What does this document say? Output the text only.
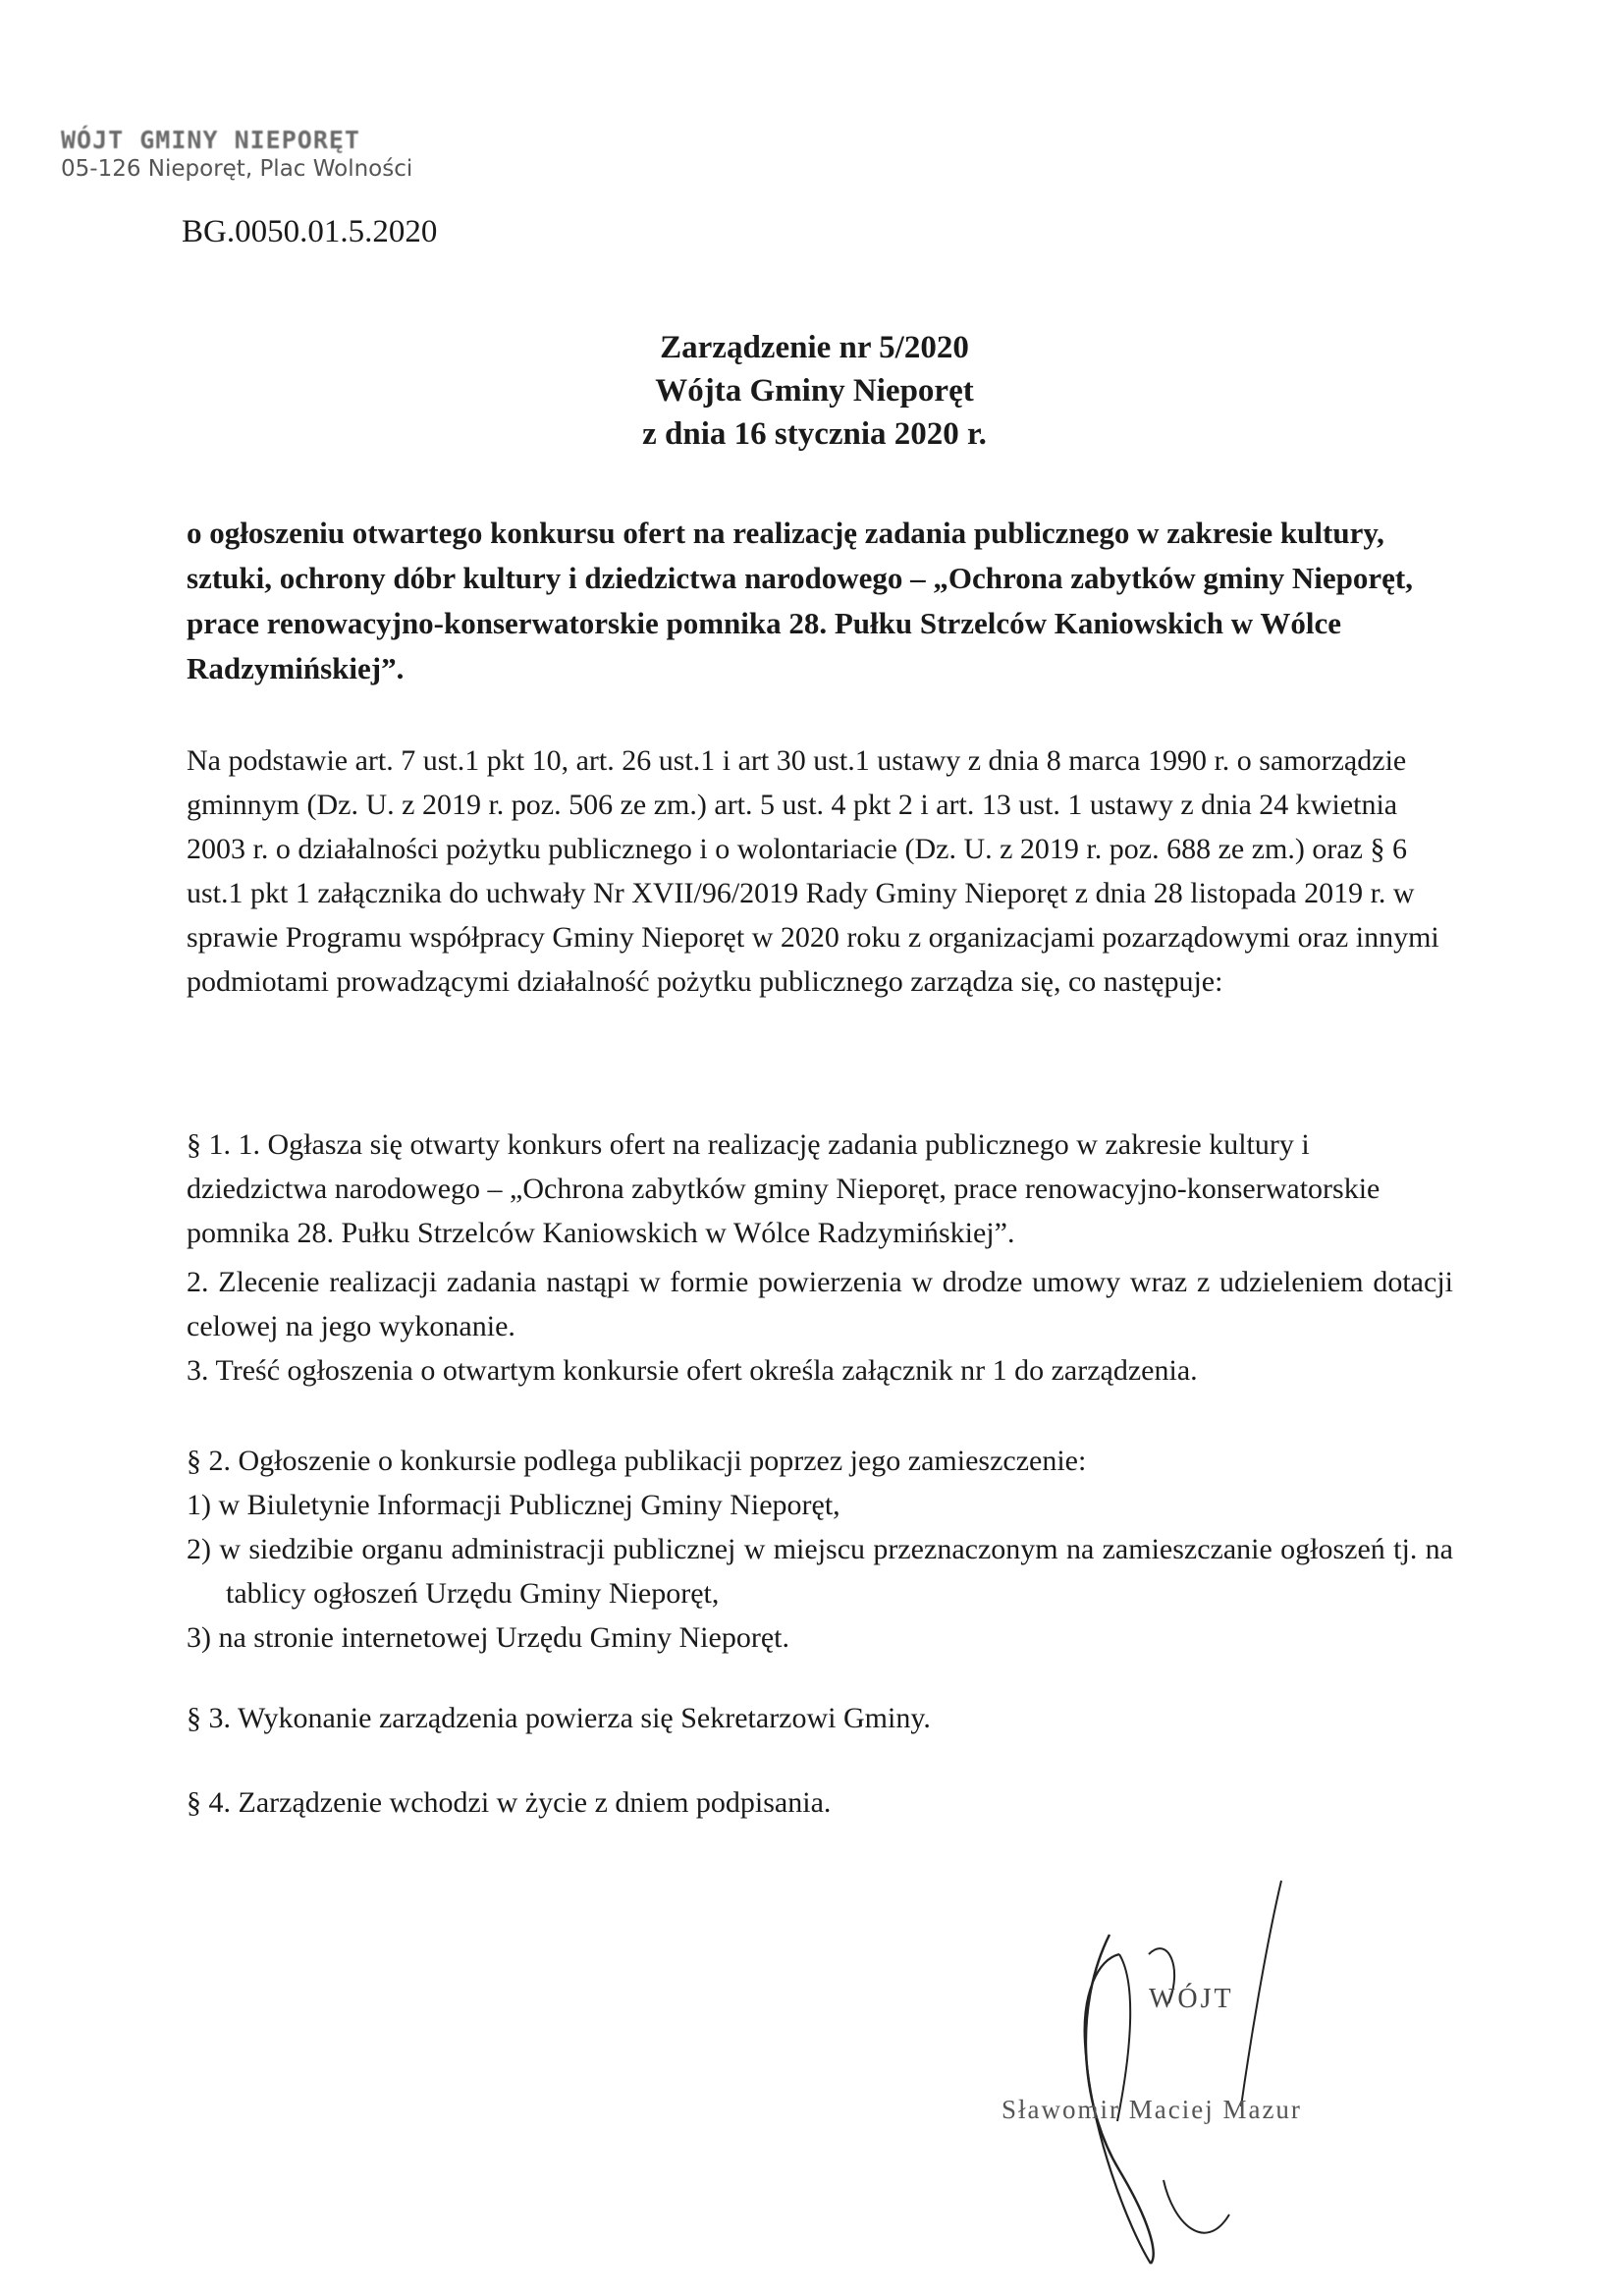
WÓJT GMINY NIEPORĘT
05-126 Nieporęt, Plac Wolności
BG.0050.01.5.2020
Zarządzenie nr 5/2020
Wójta Gminy Nieporęt
z dnia 16 stycznia 2020 r.
o ogłoszeniu otwartego konkursu ofert na realizację zadania publicznego w zakresie kultury, sztuki, ochrony dóbr kultury i dziedzictwa narodowego – „Ochrona zabytków gminy Nieporęt, prace renowacyjno-konserwatorskie pomnika 28. Pułku Strzelców Kaniowskich w Wólce Radzymińskiej”.
Na podstawie art. 7 ust.1 pkt 10, art. 26 ust.1 i art 30 ust.1 ustawy z dnia 8 marca 1990 r. o samorządzie gminnym (Dz. U. z 2019 r. poz. 506 ze zm.) art. 5 ust. 4 pkt 2 i art. 13 ust. 1 ustawy z dnia 24 kwietnia 2003 r. o działalności pożytku publicznego i o wolontariacie (Dz. U. z 2019 r. poz. 688 ze zm.) oraz § 6 ust.1 pkt 1 załącznika do uchwały Nr XVII/96/2019 Rady Gminy Nieporęt z dnia 28 listopada 2019 r. w sprawie Programu współpracy Gminy Nieporęt w 2020 roku z organizacjami pozarządowymi oraz innymi podmiotami prowadzącymi działalność pożytku publicznego zarządza się, co następuje:
§ 1. 1. Ogłasza się otwarty konkurs ofert na realizację zadania publicznego w zakresie kultury i dziedzictwa narodowego – „Ochrona zabytków gminy Nieporęt, prace renowacyjno-konserwatorskie pomnika 28. Pułku Strzelców Kaniowskich w Wólce Radzymińskiej”.
2. Zlecenie realizacji zadania nastąpi w formie powierzenia w drodze umowy wraz z udzieleniem dotacji celowej na jego wykonanie.
3. Treść ogłoszenia o otwartym konkursie ofert określa załącznik nr 1 do zarządzenia.
§ 2. Ogłoszenie o konkursie podlega publikacji poprzez jego zamieszczenie:
1) w Biuletynie Informacji Publicznej Gminy Nieporęt,
2) w siedzibie organu administracji publicznej w miejscu przeznaczonym na zamieszczanie ogłoszeń tj. na tablicy ogłoszeń Urzędu Gminy Nieporęt,
3) na stronie internetowej Urzędu Gminy Nieporęt.
§ 3. Wykonanie zarządzenia powierza się Sekretarzowi Gminy.
§ 4. Zarządzenie wchodzi w życie z dniem podpisania.
WÓJT
Sławomir Maciej Mazur
